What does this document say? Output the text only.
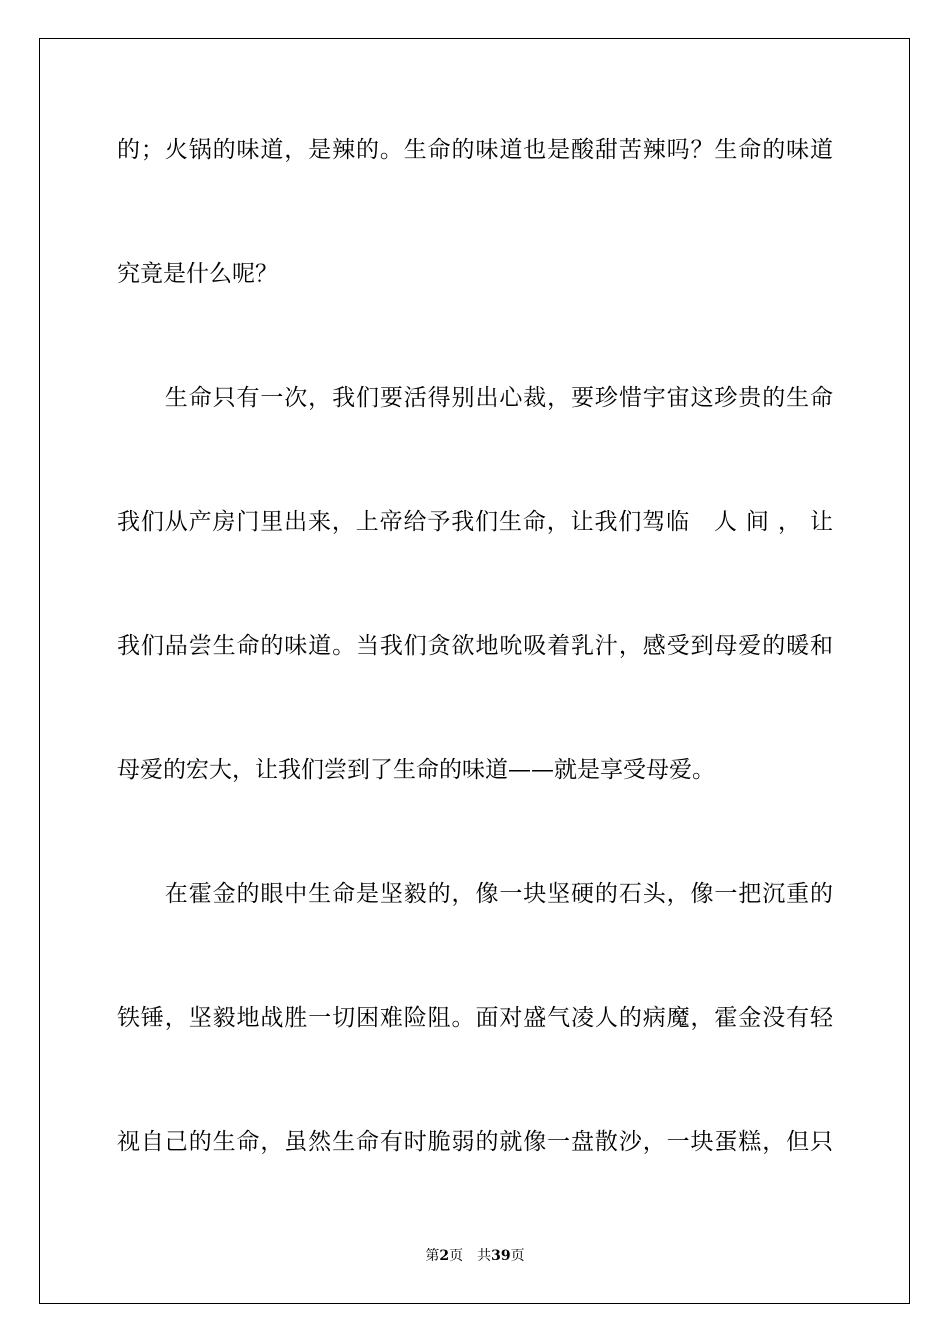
的；火锅的味道，是辣的。生命的味道也是酸甜苦辣吗？生命的味道
究竟是什么呢？
　　生命只有一次，我们要活得别出心裁，要珍惜宇宙这珍贵的生命
我们从产房门里出来，上帝给予我们生命，让我们驾临　人 间 ， 让
我们品尝生命的味道。当我们贪欲地吮吸着乳汁，感受到母爱的暖和
母爱的宏大，让我们尝到了生命的味道——就是享受母爱。
　　在霍金的眼中生命是坚毅的，像一块坚硬的石头，像一把沉重的
铁锤，坚毅地战胜一切困难险阻。面对盛气凌人的病魔，霍金没有轻
视自己的生命，虽然生命有时脆弱的就像一盘散沙，一块蛋糕，但只
第2页　共39页
